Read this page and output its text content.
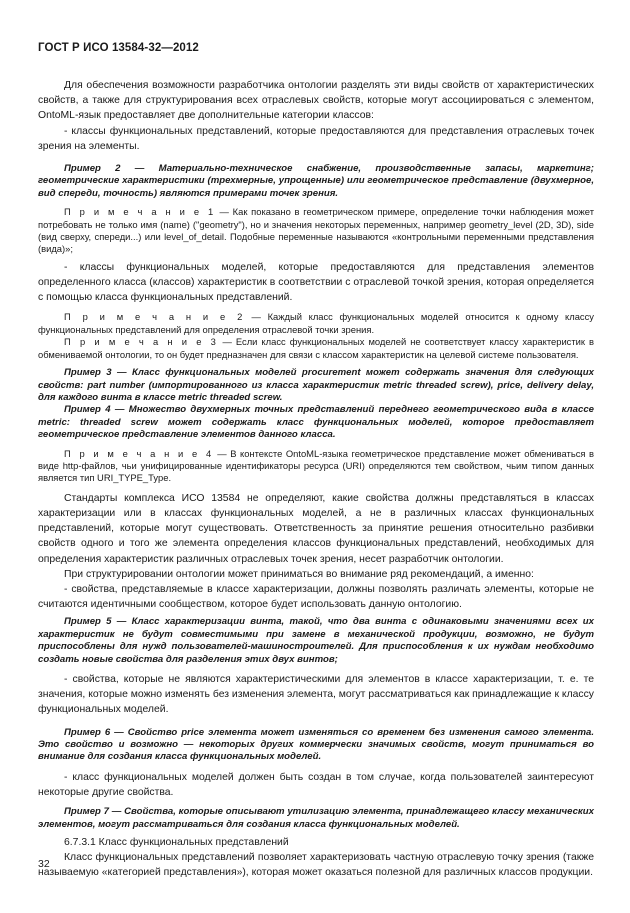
ГОСТ Р ИСО 13584-32—2012

Для обеспечения возможности разработчика онтологии разделять эти виды свойств от характеристических свойств, а также для структурирования всех отраслевых свойств, которые могут ассоциироваться с элементом, OntoML-язык предоставляет две дополнительные категории классов:

- классы функциональных представлений, которые предоставляются для представления отраслевых точек зрения на элементы.

Пример 2 — Материально-техническое снабжение, производственные запасы, маркетинг; геометрические характеристики (трехмерные, упрощенные) или геометрическое представление (двухмерное, вид спереди, точность) являются примерами точек зрения.

П р и м е ч а н и е 1 — Как показано в геометрическом примере, определение точки наблюдения может потребовать не только имя (name) ("geometry"), но и значения некоторых переменных, например geometry_level (2D, 3D), side (вид сверху, спереди...) или level_of_detail. Подобные переменные называются «контрольными переменными представления (вида)»;

- классы функциональных моделей, которые предоставляются для представления элементов определенного класса (классов) характеристик в соответствии с отраслевой точкой зрения, которая определяется с помощью класса функциональных представлений.

П р и м е ч а н и е 2 — Каждый класс функциональных моделей относится к одному классу функциональных представлений для определения отраслевой точки зрения.

П р и м е ч а н и е 3 — Если класс функциональных моделей не соответствует классу характеристик в обмениваемой онтологии, то он будет предназначен для связи с классом характеристик на целевой системе пользователя.

Пример 3 — Класс функциональных моделей procurement может содержать значения для следующих свойств: part number (импортированного из класса характеристик metric threaded screw), price, delivery delay, для каждого винта в классе metric threaded screw.

Пример 4 — Множество двухмерных точных представлений переднего геометрического вида в классе metric: threaded screw может содержать класс функциональных моделей, которое предоставляет геометрическое представление элементов данного класса.

П р и м е ч а н и е 4 — В контексте OntoML-языка геометрическое представление может обмениваться в виде http-файлов, чьи унифицированные идентификаторы ресурса (URI) определяются тем свойством, чьим типом данных является тип URI_TYPE_Type.

Стандарты комплекса ИСО 13584 не определяют, какие свойства должны представляться в классах характеризации или в классах функциональных моделей, а не в различных классах функциональных представлений, которые могут существовать. Ответственность за принятие решения относительно разбивки свойств одного и того же элемента определения классов функциональных представлений, необходимых для определения характеристик различных отраслевых точек зрения, несет разработчик онтологии.

При структурировании онтологии может приниматься во внимание ряд рекомендаций, а именно:

- свойства, представляемые в классе характеризации, должны позволять различать элементы, которые не считаются идентичными сообществом, которое будет использовать данную онтологию.

Пример 5 — Класс характеризации винта, такой, что два винта с одинаковыми значениями всех их характеристик не будут совместимыми при замене в механической продукции, возможно, не будут приспособлены для нужд пользователей-машиностроителей. Для приспособления к их нуждам необходимо создать новые свойства для разделения этих двух винтов;

- свойства, которые не являются характеристическими для элементов в классе характеризации, т. е. те значения, которые можно изменять без изменения элемента, могут рассматриваться как принадлежащие к классу функциональных моделей.

Пример 6 — Свойство price элемента может изменяться со временем без изменения самого элемента. Это свойство и возможно — некоторых других коммерчески значимых свойств, могут приниматься во внимание для создания класса функциональных моделей.

- класс функциональных моделей должен быть создан в том случае, когда пользователей заинтересуют некоторые другие свойства.

Пример 7 — Свойства, которые описывают утилизацию элемента, принадлежащего классу механических элементов, могут рассматриваться для создания класса функциональных моделей.

6.7.3.1 Класс функциональных представлений

Класс функциональных представлений позволяет характеризовать частную отраслевую точку зрения (также называемую «категорией представления»), которая может оказаться полезной для различных классов продукции.

32
